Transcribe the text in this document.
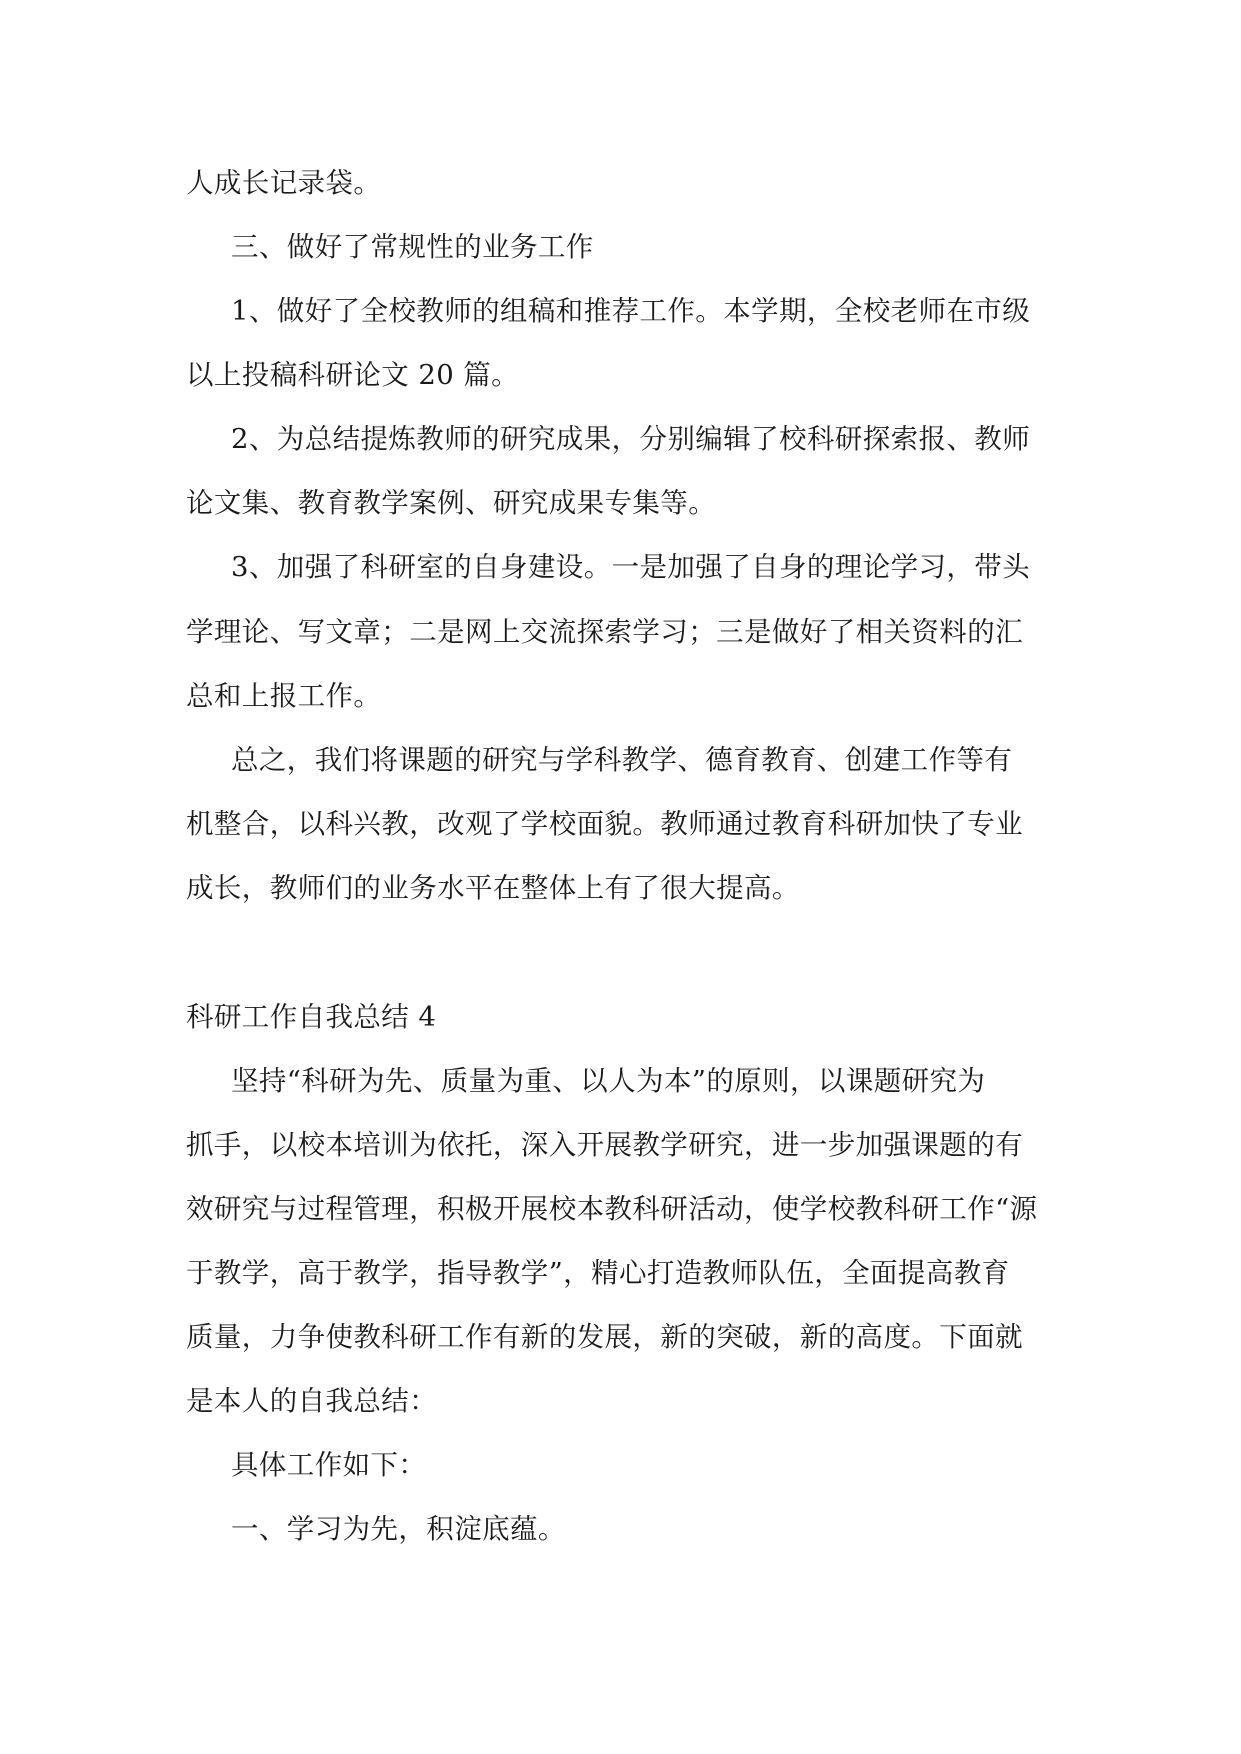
人成长记录袋。
三、做好了常规性的业务工作
1、做好了全校教师的组稿和推荐工作。本学期，全校老师在市级
以上投稿科研论文 20 篇。
2、为总结提炼教师的研究成果，分别编辑了校科研探索报、教师
论文集、教育教学案例、研究成果专集等。
3、加强了科研室的自身建设。一是加强了自身的理论学习，带头
学理论、写文章；二是网上交流探索学习；三是做好了相关资料的汇
总和上报工作。
总之，我们将课题的研究与学科教学、德育教育、创建工作等有
机整合，以科兴教，改观了学校面貌。教师通过教育科研加快了专业
成长，教师们的业务水平在整体上有了很大提高。
科研工作自我总结 4
坚持“科研为先、质量为重、以人为本”的原则，以课题研究为
抓手，以校本培训为依托，深入开展教学研究，进一步加强课题的有
效研究与过程管理，积极开展校本教科研活动，使学校教科研工作“源
于教学，高于教学，指导教学”，精心打造教师队伍，全面提高教育
质量，力争使教科研工作有新的发展，新的突破，新的高度。下面就
是本人的自我总结：
具体工作如下：
一、学习为先，积淀底蕴。
